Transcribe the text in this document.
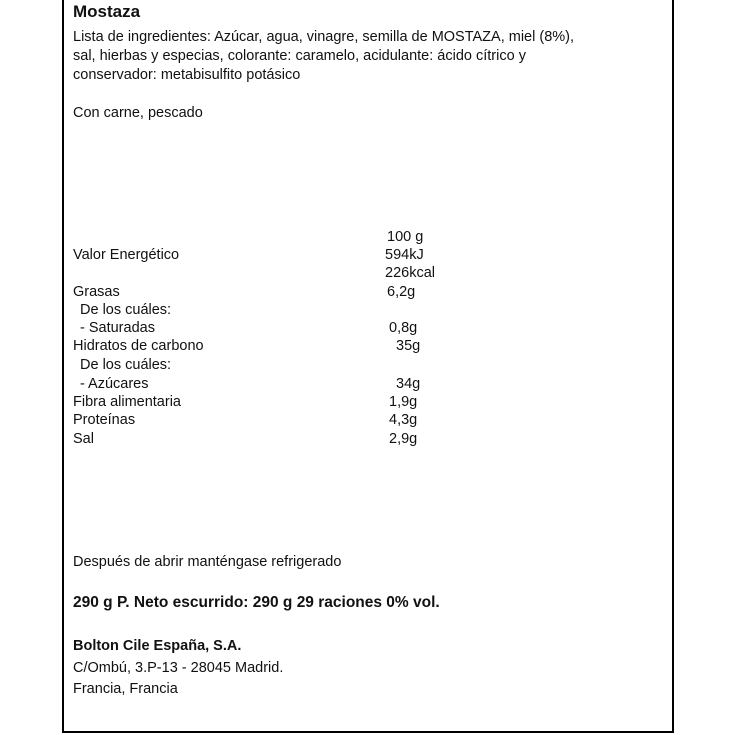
Mostaza
Lista de ingredientes: Azúcar, agua, vinagre, semilla de MOSTAZA, miel (8%),
sal, hierbas y especias, colorante: caramelo, acidulante: ácido cítrico y
conservador: metabisulfito potásico
Con carne, pescado
100 g
Valor Energético	594kJ
226kcal
Grasas	6,2g
De los cuáles:
- Saturadas	0,8g
Hidratos de carbono	35g
De los cuáles:
- Azúcares	34g
Fibra alimentaria	1,9g
Proteínas	4,3g
Sal	2,9g
Después de abrir manténgase refrigerado
290 g P. Neto escurrido: 290 g 29 raciones 0% vol.
Bolton Cile España, S.A.
C/Ombú, 3.P-13 - 28045 Madrid.
Francia, Francia
